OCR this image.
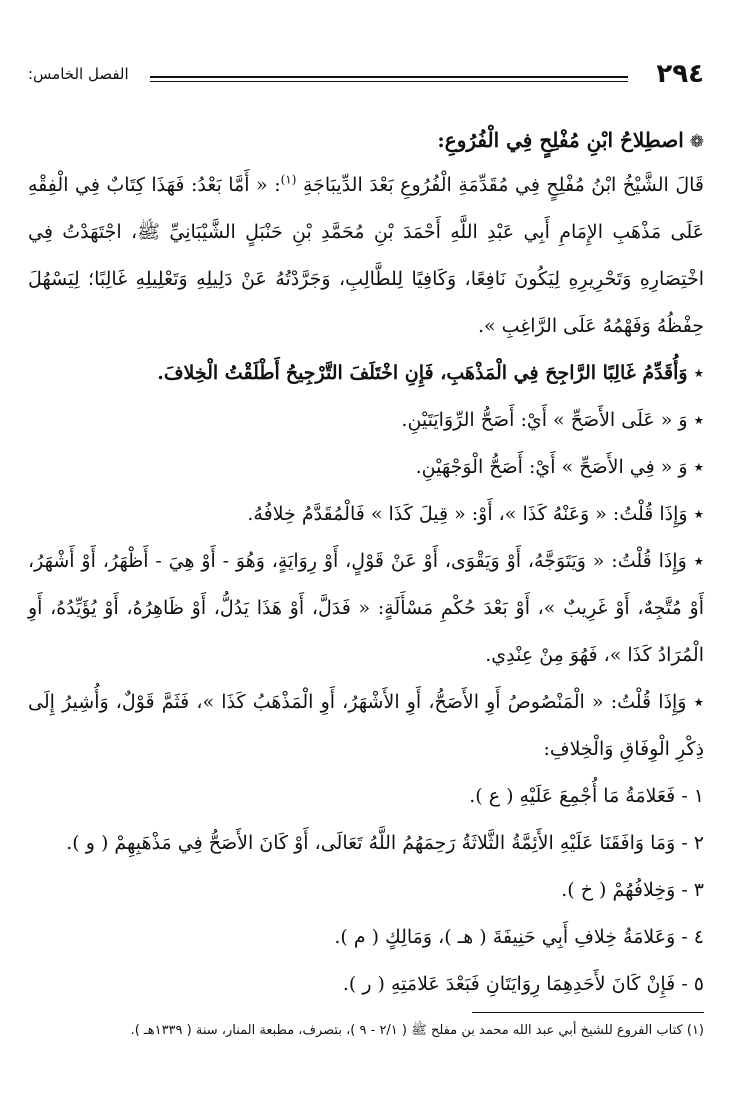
٢٩٤
الفصل الخامس:
❁اصطِلاحُ ابْنِ مُفْلِحٍ فِي الْفُرُوعِ:

قَالَ الشَّيْخُ ابْنُ مُفْلِحٍ فِي مُقَدِّمَةِ الْفُرُوعِ بَعْدَ الدِّيبَاجَةِ $^{(١)}$: « أَمَّا بَعْدُ: فَهَذَا كِتَابٌ فِي الْفِقْهِ عَلَى مَذْهَبِ الإِمَامِ أَبِي عَبْدِ اللَّهِ أَحْمَدَ بْنِ مُحَمَّدِ بْنِ حَنْبَلٍ الشَّيْبَانِيِّ ﷺ، اجْتَهَدْتُ فِي اخْتِصَارِهِ وَتَحْرِيرِهِ لِيَكُونَ نَافِعًا، وَكَافِيًا لِلطَّالِبِ، وَجَرَّدْتُهُ عَنْ دَلِيلِهِ وَتَعْلِيلِهِ غَالِبًا؛ لِيَسْهُلَ حِفْظُهُ وَفَهْمُهُ عَلَى الرَّاغِبِ ».

٭ وَأُقَدِّمُ غَالِبًا الرَّاجِحَ فِي الْمَذْهَبِ، فَإِنِ اخْتَلَفَ التَّرْجِيحُ أَطْلَقْتُ الْخِلافَ.

٭ وَ « عَلَى الأَصَحِّ » أَيْ: أَصَحُّ الرِّوَايَتَيْنِ.

٭ وَ « فِي الأَصَحِّ » أَيْ: أَصَحُّ الْوَجْهَيْنِ.

٭ وَإِذَا قُلْتُ: « وَعَنْهُ كَذَا »، أَوْ: « قِيلَ كَذَا » فَالْمُقَدَّمُ خِلافُهُ.

٭ وَإِذَا قُلْتُ: « وَيَتَوَجَّهُ، أَوْ وَيَقْوَى، أَوْ عَنْ قَوْلٍ، أَوْ رِوَايَةٍ، وَهُوَ - أَوْ هِيَ - أَظْهَرُ، أَوْ أَشْهَرُ، أَوْ مُتَّجِهٌ، أَوْ غَرِيبٌ »، أَوْ بَعْدَ حُكْمِ مَسْأَلَةٍ: « فَدَلَّ، أَوْ هَذَا يَدُلُّ، أَوْ ظَاهِرُهُ، أَوْ يُؤَيِّدُهُ، أَوِ الْمُرَادُ كَذَا »، فَهُوَ مِنْ عِنْدِي.

٭ وَإِذَا قُلْتُ: « الْمَنْصُوصُ أَوِ الأَصَحُّ، أَوِ الأَشْهَرُ، أَوِ الْمَذْهَبُ كَذَا »، فَثَمَّ قَوْلٌ، وَأُشِيرُ إِلَى ذِكْرِ الْوِفَاقِ وَالْخِلافِ:

١ - فَعَلامَةُ مَا أُجْمِعَ عَلَيْهِ ( ع ).

٢ - وَمَا وَافَقَنَا عَلَيْهِ الأَئِمَّةُ الثَّلاثَةُ رَحِمَهُمُ اللَّهُ تَعَالَى، أَوْ كَانَ الأَصَحُّ فِي مَذْهَبِهِمْ ( و ).

٣ - وَخِلافُهُمْ ( خ ).

٤ - وَعَلامَةُ خِلافِ أَبِي حَنِيفَةَ ( هـ )، وَمَالِكٍ ( م ).

٥ - فَإِنْ كَانَ لأَحَدِهِمَا رِوَايَتَانِ فَبَعْدَ عَلامَتِهِ ( ر ).

(١) كتاب الفروع للشيخ أبي عبد الله محمد بن مفلح ﷺ ( ٢/١ - ٩ )، بتصرف، مطبعة المنار، سنة ( ١٣٣٩هـ ).
